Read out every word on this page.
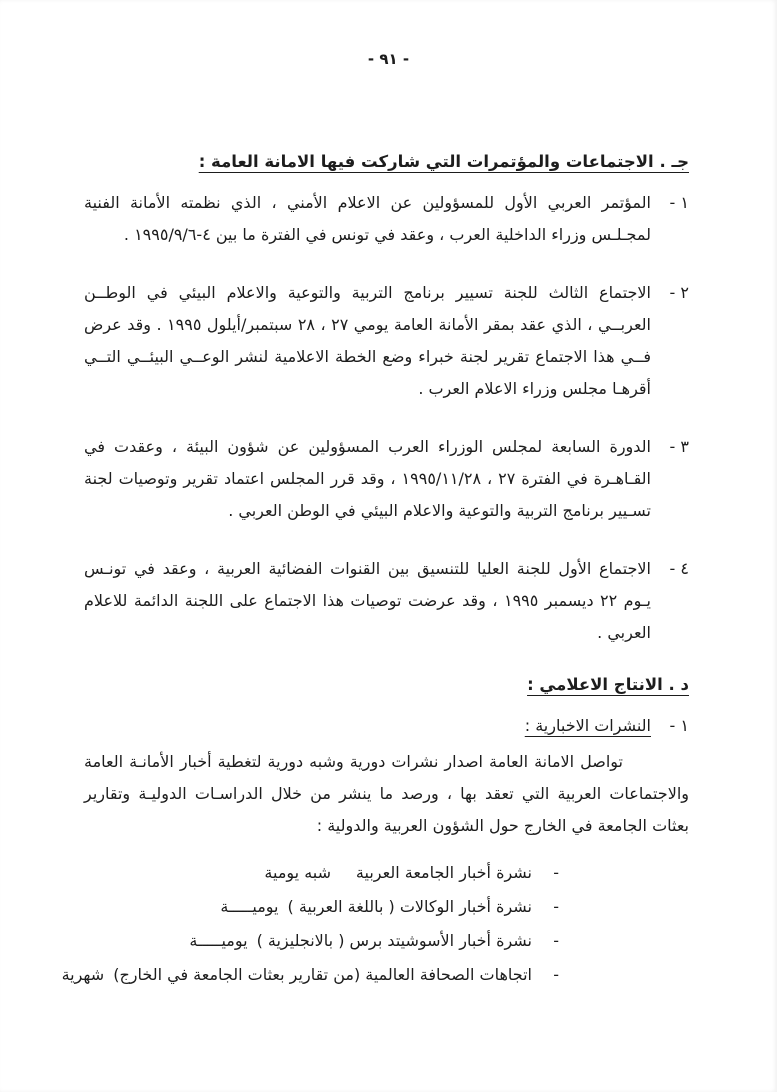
- ٩١ -
جـ . الاجتماعات والمؤتمرات التي شاركت فيها الامانة العامة :
١ -

المؤتمر العربي الأول للمسؤولين عن الاعلام الأمني ، الذي نظمته الأمانة الفنية لمجـلـس وزراء الداخلية العرب ، وعقد في تونس في الفترة ما بين ٤-١٩٩٥/٩/٦ .

٢ -

الاجتماع الثالث للجنة تسيير برنامج التربية والتوعية والاعلام البيئي في الوطــن العربــي ، الذي عقد بمقر الأمانة العامة يومي ٢٧ ، ٢٨ سبتمبر/أيلول ١٩٩٥ . وقد عرض فــي هذا الاجتماع تقرير لجنة خبراء وضع الخطة الاعلامية لنشر الوعــي البيئــي التــي أقرهـا مجلس وزراء الاعلام العرب .

٣ -

الدورة السابعة لمجلس الوزراء العرب المسؤولين عن شؤون البيئة ، وعقدت في القـاهـرة في الفترة ٢٧ ، ١٩٩٥/١١/٢٨ ، وقد قرر المجلس اعتماد تقرير وتوصيات لجنة تسـيير برنامج التربية والتوعية والاعلام البيئي في الوطن العربي .

٤ -

الاجتماع الأول للجنة العليا للتنسيق بين القنوات الفضائية العربية ، وعقد في تونـس يـوم ٢٢ ديسمبر ١٩٩٥ ، وقد عرضت توصيات هذا الاجتماع على اللجنة الدائمة للاعلام العربي .

د . الانتاج الاعلامي :
١ -

النشرات الاخبارية :

تواصل الامانة العامة اصدار نشرات دورية وشبه دورية لتغطية أخبار الأمانـة العامة والاجتماعات العربية التي تعقد بها ، ورصد ما ينشر من خلال الدراسـات الدوليـة وتقارير بعثات الجامعة في الخارج حول الشؤون العربية والدولية :

-
نشرة أخبار الجامعة العربية
شبه يومية
-
نشرة أخبار الوكالات ( باللغة العربية )
يوميـــــة
-
نشرة أخبار الأسوشيتد برس ( بالانجليزية )
يوميـــــة
-
اتجاهات الصحافة العالمية (من تقارير بعثات الجامعة في الخارج)
شهرية
